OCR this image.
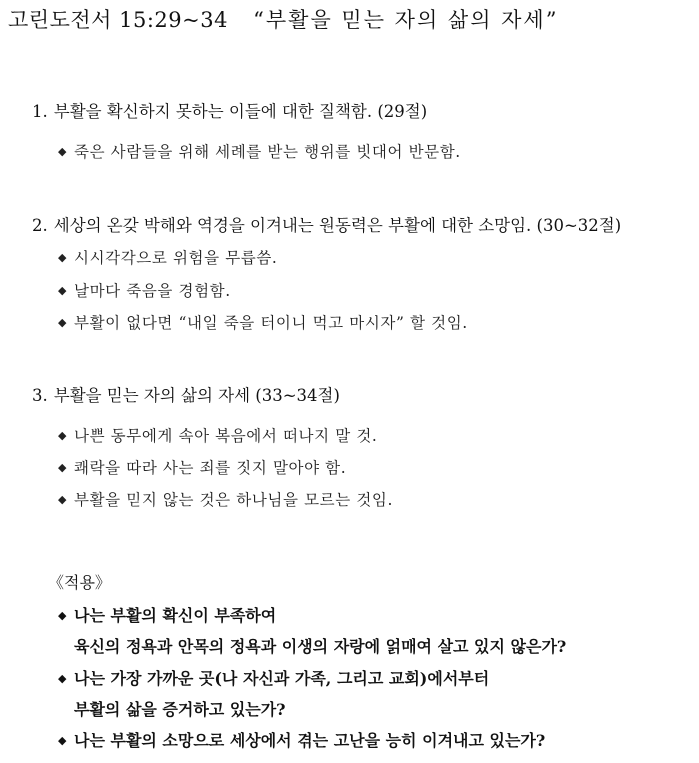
고린도전서 15:29~34 “부활을 믿는 자의 삶의 자세”
1. 부활을 확신하지 못하는 이들에 대한 질책함. (29절)
◆ 죽은 사람들을 위해 세례를 받는 행위를 빗대어 반문함.
2. 세상의 온갖 박해와 역경을 이겨내는 원동력은 부활에 대한 소망임. (30~32절)
◆ 시시각각으로 위험을 무릅씀.
◆ 날마다 죽음을 경험함.
◆ 부활이 없다면 “내일 죽을 터이니 먹고 마시자” 할 것임.
3. 부활을 믿는 자의 삶의 자세 (33~34절)
◆ 나쁜 동무에게 속아 복음에서 떠나지 말 것.
◆ 쾌락을 따라 사는 죄를 짓지 말아야 함.
◆ 부활을 믿지 않는 것은 하나님을 모르는 것임.
《적용》
◆ 나는 부활의 확신이 부족하여
육신의 정욕과 안목의 정욕과 이생의 자랑에 얽매여 살고 있지 않은가?
◆ 나는 가장 가까운 곳(나 자신과 가족, 그리고 교회)에서부터
부활의 삶을 증거하고 있는가?
◆ 나는 부활의 소망으로 세상에서 겪는 고난을 능히 이겨내고 있는가?
